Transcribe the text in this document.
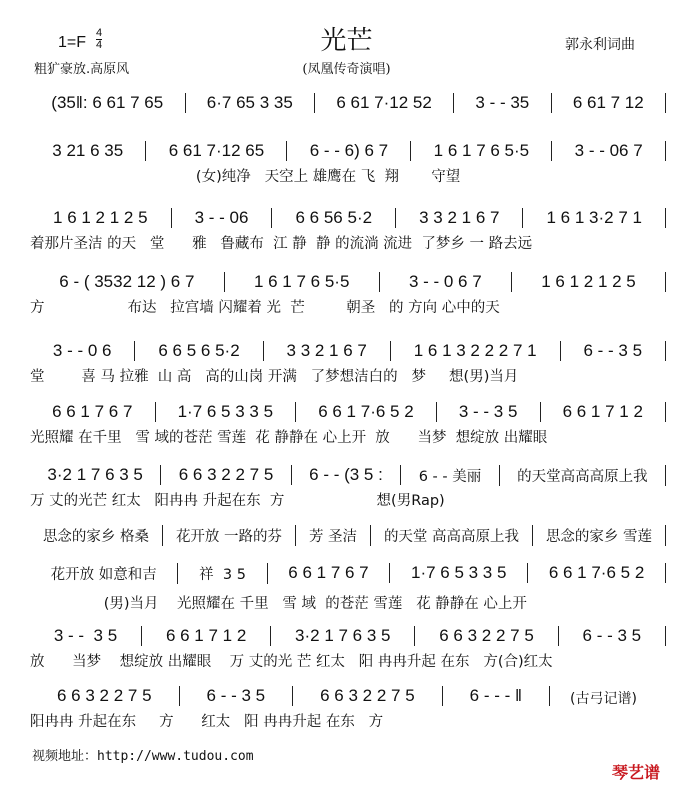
1=F
4
4
粗犷豪放.高原风
光芒
(凤凰传奇演唱)
郭永利词曲
(35‖: 6 61 7 65	6·7 65 3 35	6 61 7·12 52	3 - - 35	6 61 7 12
3 21 6 35	6 61 7·12 65	6 - - 6) 6 7	1 6 1 7 6 5·5	3 - - 06 7
(女)纯净   天空上 雄鹰在 飞  翔       守望
1 6 1 2 1 2 5	3 - - 06	6 6 56 5·2	3 3 2 1 6 7	1 6 1 3·2 7 1
着那片圣洁 的天   堂      雅   鲁藏布  江 静  静 的流淌 流进  了梦乡 一 路去远
6 - ( 3532 12 ) 6 7	1 6 1 7 6 5·5	3 - - 0 6 7	1 6 1 2 1 2 5
方                  布达   拉宫墙 闪耀着 光  芒         朝圣   的 方向 心中的天
3 - - 0 6	6 6 5 6 5·2	3 3 2 1 6 7	1 6 1 3 2 2 2 7 1	6 - - 3 5
堂        喜 马 拉雅  山 高   高的山岗 开满   了梦想洁白的   梦     想(男)当月
6 6 1 7 6 7	1·7 6 5 3 3 5	6 6 1 7·6 5 2	3 - - 3 5	6 6 1 7 1 2
光照耀 在千里   雪 域的苍茫 雪莲  花 静静在 心上开  放      当梦  想绽放 出耀眼
3·2 1 7 6 3 5	6 6 3 2 2 7 5	6 - - (3 5 :	6 - - 美丽	的天堂高高高原上我
万 丈的光芒 红太   阳冉冉 升起在东  方                    想(男Rap)
思念的家乡 格桑	花开放 一路的芬	芳 圣洁	的天堂 高高高原上我	思念的家乡 雪莲
花开放 如意和吉	祥  3 5	6 6 1 7 6 7	1·7 6 5 3 3 5	6 6 1 7·6 5 2
(男)当月    光照耀在 千里   雪 域  的苍茫 雪莲   花 静静在 心上开
3 - -  3 5	6 6 1 7 1 2	3·2 1 7 6 3 5	6 6 3 2 2 7 5	6 - - 3 5
放      当梦    想绽放 出耀眼    万 丈的光 芒 红太   阳 冉冉升起 在东   方(合)红太
6 6 3 2 2 7 5	6 - - 3 5	6 6 3 2 2 7 5	6 - - - ‖
阳冉冉 升起在东     方      红太   阳 冉冉升起 在东   方
(古弓记谱)
视频地址：http://www.tudou.com
琴艺谱
